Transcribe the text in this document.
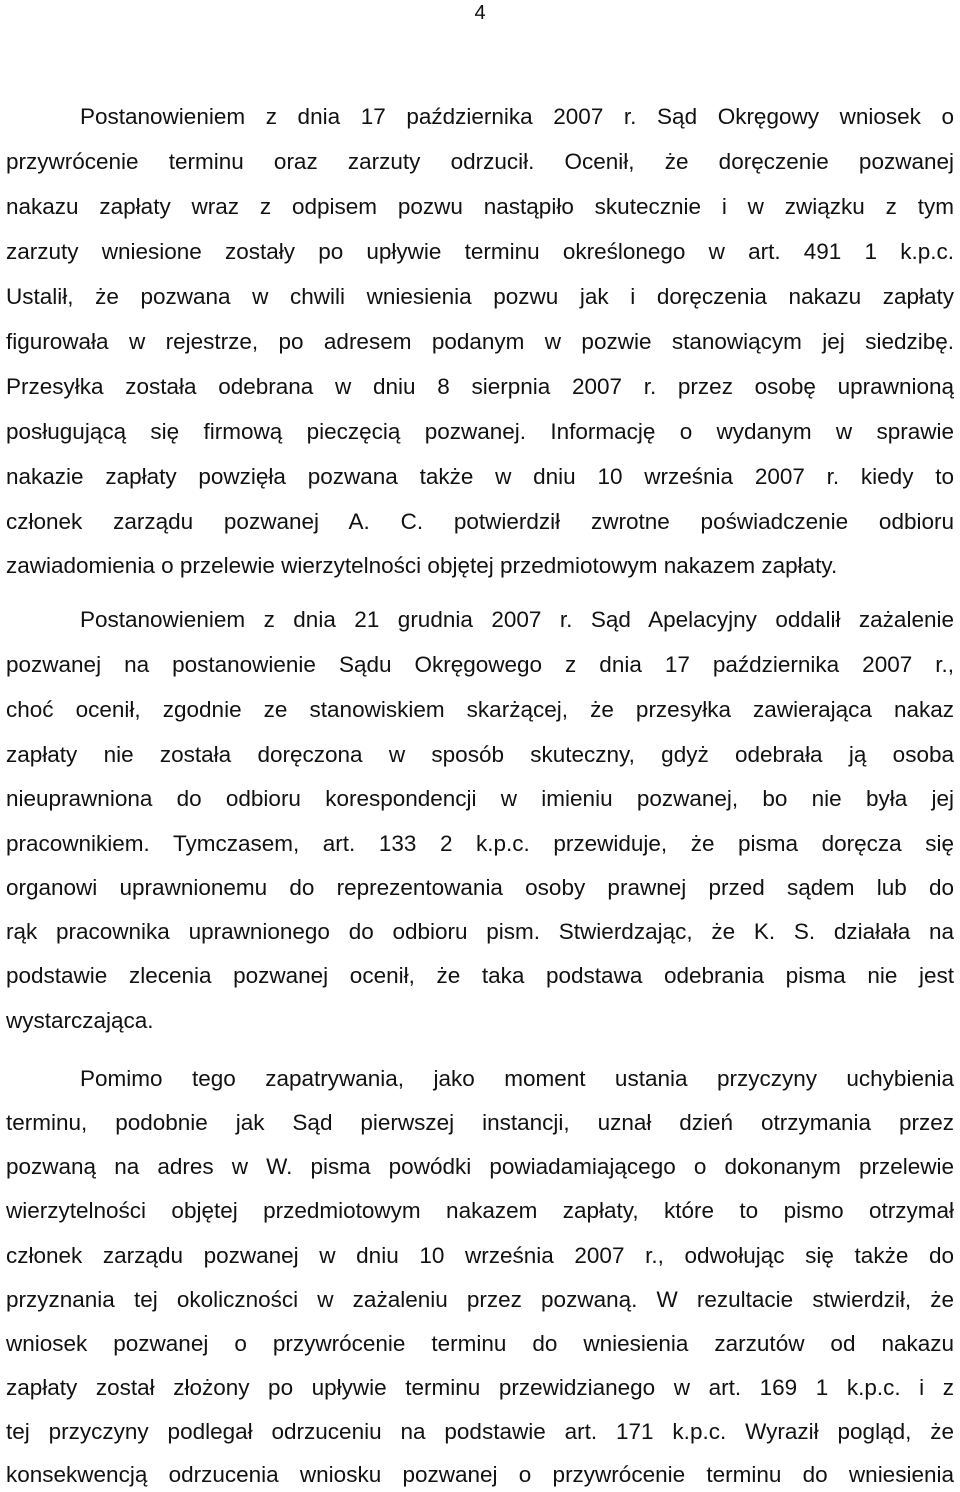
4
Postanowieniem z dnia 17 października 2007 r. Sąd Okręgowy wniosek o
przywrócenie terminu oraz zarzuty odrzucił. Ocenił, że doręczenie pozwanej
nakazu zapłaty wraz z odpisem pozwu nastąpiło skutecznie i w związku z tym
zarzuty wniesione zostały po upływie terminu określonego w art. 491 1 k.p.c.
Ustalił, że pozwana w chwili wniesienia pozwu jak i doręczenia nakazu zapłaty
figurowała w rejestrze, po adresem podanym w pozwie stanowiącym jej siedzibę.
Przesyłka została odebrana w dniu 8 sierpnia 2007 r. przez osobę uprawnioną
posługującą się firmową pieczęcią pozwanej. Informację o wydanym w sprawie
nakazie zapłaty powzięła pozwana także w dniu 10 września 2007 r. kiedy to
członek zarządu pozwanej A. C. potwierdził zwrotne poświadczenie odbioru
zawiadomienia o przelewie wierzytelności objętej przedmiotowym nakazem zapłaty.
Postanowieniem z dnia 21 grudnia 2007 r. Sąd Apelacyjny oddalił zażalenie
pozwanej na postanowienie Sądu Okręgowego z dnia 17 października 2007 r.,
choć ocenił, zgodnie ze stanowiskiem skarżącej, że przesyłka zawierająca nakaz
zapłaty nie została doręczona w sposób skuteczny, gdyż odebrała ją osoba
nieuprawniona do odbioru korespondencji w imieniu pozwanej, bo nie była jej
pracownikiem. Tymczasem, art. 133 2 k.p.c. przewiduje, że pisma doręcza się
organowi uprawnionemu do reprezentowania osoby prawnej przed sądem lub do
rąk pracownika uprawnionego do odbioru pism. Stwierdzając, że K. S. działała na
podstawie zlecenia pozwanej ocenił, że taka podstawa odebrania pisma nie jest
wystarczająca.
Pomimo tego zapatrywania, jako moment ustania przyczyny uchybienia
terminu, podobnie jak Sąd pierwszej instancji, uznał dzień otrzymania przez
pozwaną na adres w W. pisma powódki powiadamiającego o dokonanym przelewie
wierzytelności objętej przedmiotowym nakazem zapłaty, które to pismo otrzymał
członek zarządu pozwanej w dniu 10 września 2007 r., odwołując się także do
przyznania tej okoliczności w zażaleniu przez pozwaną. W rezultacie stwierdził, że
wniosek pozwanej o przywrócenie terminu do wniesienia zarzutów od nakazu
zapłaty został złożony po upływie terminu przewidzianego w art. 169 1 k.p.c. i z
tej przyczyny podlegał odrzuceniu na podstawie art. 171 k.p.c. Wyraził pogląd, że
konsekwencją odrzucenia wniosku pozwanej o przywrócenie terminu do wniesienia
